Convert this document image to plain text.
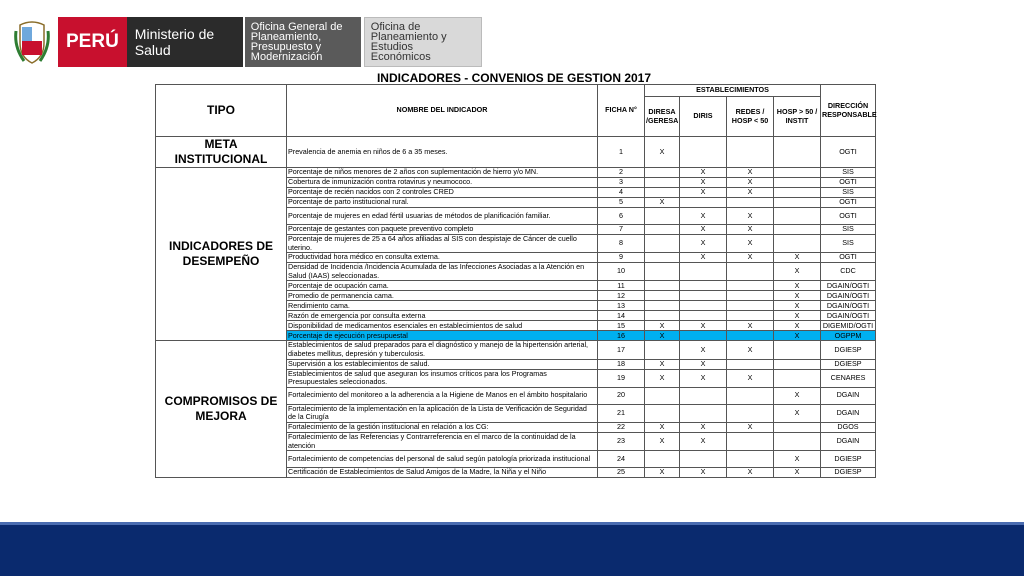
PERÚ	Ministerio de Salud
Oficina General de Planeamiento, Presupuesto y Modernización
Oficina de Planeamiento y Estudios Económicos
INDICADORES - CONVENIOS DE GESTION 2017
TIPO	NOMBRE DEL INDICADOR	FICHA N°	ESTABLECIMIENTOS				DIRECCIÓN RESPONSABLE
			DIRESA /GERESA	DIRIS	REDES / HOSP < 50	HOSP > 50 / INSTIT	
META INSTITUCIONAL	Prevalencia de anemia en niños de 6 a 35 meses.	1	X				OGTI
INDICADORES DE DESEMPEÑO	Porcentaje de niños menores de 2 años con suplementación de hierro y/o MN.	2		X	X		SIS
	Cobertura de inmunización contra rotavirus y neumococo.	3		X	X		OGTI
	Porcentaje de recién nacidos con 2 controles CRED	4		X	X		SIS
	Porcentaje de parto institucional rural.	5	X				OGTI
	Porcentaje de mujeres en edad fértil usuarias de métodos de planificación familiar.	6		X	X		OGTI
	Porcentaje de gestantes con paquete preventivo completo	7		X	X		SIS
	Porcentaje de mujeres de 25 a 64 años afiliadas al SIS con despistaje de Cáncer de cuello uterino.	8		X	X		SIS
	Productividad hora médico en consulta externa.	9		X	X	X	OGTI
	Densidad de Incidencia /Incidencia Acumulada de las Infecciones Asociadas a la Atención en Salud (IAAS) seleccionadas.	10				X	CDC
	Porcentaje de ocupación cama.	11				X	DGAIN/OGTI
	Promedio de permanencia cama.	12				X	DGAIN/OGTI
	Rendimiento cama.	13				X	DGAIN/OGTI
	Razón de emergencia por consulta externa	14				X	DGAIN/OGTI
	Disponibilidad de medicamentos esenciales en establecimientos de salud	15	X	X	X	X	DIGEMID/OGTI
	Porcentaje de ejecución presupuestal	16	X			X	OGPPM
COMPROMISOS DE MEJORA	Establecimientos de salud preparados para el diagnóstico y manejo de la hipertensión arterial, diabetes mellitus, depresión y tuberculosis.	17		X	X		DGIESP
	Supervisión a los establecimientos de salud.	18	X	X			DGIESP
	Establecimientos de salud que aseguran los insumos críticos para los Programas Presupuestales seleccionados.	19	X	X	X		CENARES
	Fortalecimiento del monitoreo a la adherencia a la Higiene de Manos en el ámbito hospitalario	20				X	DGAIN
	Fortalecimiento de la implementación en la aplicación de la Lista de Verificación de Seguridad de la Cirugía	21				X	DGAIN
	Fortalecimiento de la gestión institucional en relación a los CG:	22	X	X	X		DGOS
	Fortalecimiento de las Referencias y Contrarreferencia en el marco de la continuidad de la atención	23	X	X			DGAIN
	Fortalecimiento de competencias del personal de salud según patología priorizada institucional	24				X	DGIESP
	Certificación de Establecimientos de Salud Amigos de la Madre, la Niña y el Niño	25	X	X	X	X	DGIESP
